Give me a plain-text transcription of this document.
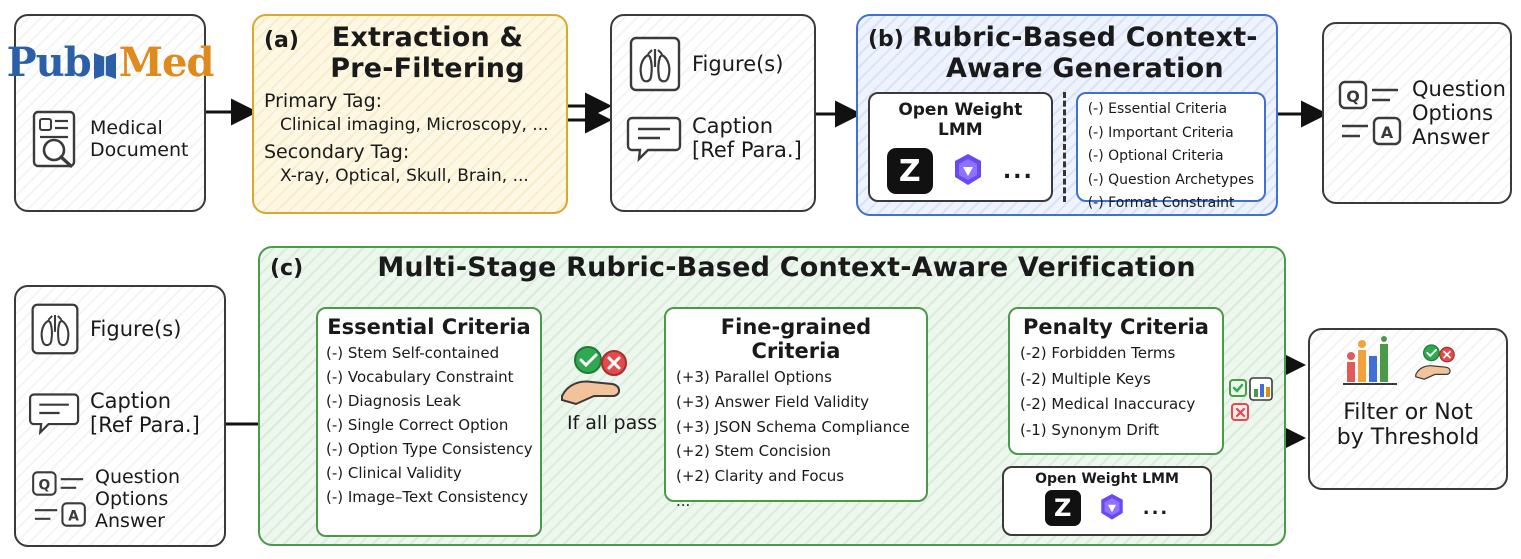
Pub Med
Medical
Document
(a) Extraction &
Pre-Filtering
Primary Tag:
Clinical imaging, Microscopy, ...
Secondary Tag:
X-ray, Optical, Skull, Brain, ...
Figure(s)
Caption
[Ref Para.]
(b) Rubric-Based Context-
Aware Generation
Open Weight LMM
Z	...
(-) Essential Criteria
(-) Important Criteria
(-) Optional Criteria
(-) Question Archetypes
(-) Format Constraint
Q
A
Question
Options
Answer
Figure(s)
Caption
[Ref Para.]
Q
A
Question
Options
Answer
(c)	Multi-Stage Rubric-Based Context-Aware Verification
Essential Criteria
(-) Stem Self-contained
(-) Vocabulary Constraint
(-) Diagnosis Leak
(-) Single Correct Option
(-) Option Type Consistency
(-) Clinical Validity
(-) Image–Text Consistency
If all pass
Fine-grained Criteria
(+3) Parallel Options
(+3) Answer Field Validity
(+3) JSON Schema Compliance
(+2) Stem Concision
(+2) Clarity and Focus
...
Penalty Criteria
(-2) Forbidden Terms
(-2) Multiple Keys
(-2) Medical Inaccuracy
(-1) Synonym Drift
Open Weight LMM
Z	...
Filter or Not
by Threshold
